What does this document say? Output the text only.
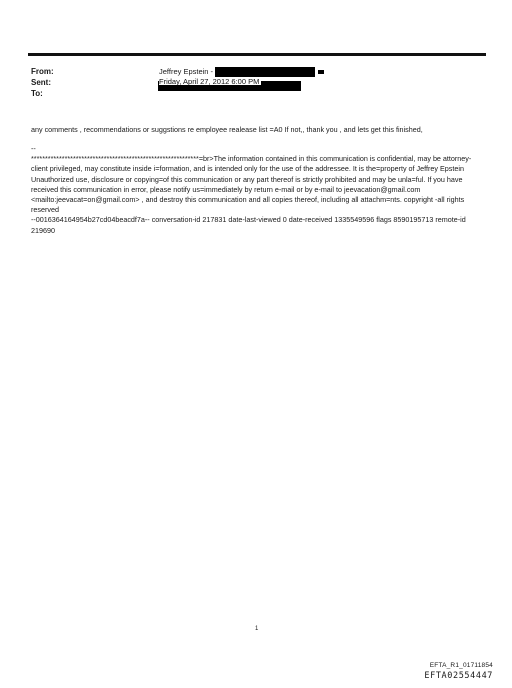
From:	Jeffrey Epstein -
Sent:	Friday, April 27, 2012 6:00 PM
To:

any comments , recommendations or suggstions re employee realease list =A0 If not,, thank you , and lets get this finished,

--

************************************************************=br>The information contained in this communication is confidential, may be attorney-client privileged, may constitute inside i=formation, and is intended only for the use of the addressee. It is the=property of Jeffrey Epstein Unauthorized use, disclosure or copying=of this communication or any part thereof is strictly prohibited and may be unla=ful. If you have received this communication in error, please notify us=immediately by return e-mail or by e-mail to jeevacation@gmail.com <mailto:jeevacat=on@gmail.com> , and destroy this communication and all copies thereof, including all attachm=nts. copyright -all rights reserved

--0016364164954b27cd04beacdf7a-- conversation-id 217831 date-last-viewed 0 date-received 1335549596 flags 8590195713 remote-id 219690

1
EFTA_R1_01711854
EFTA02554447
